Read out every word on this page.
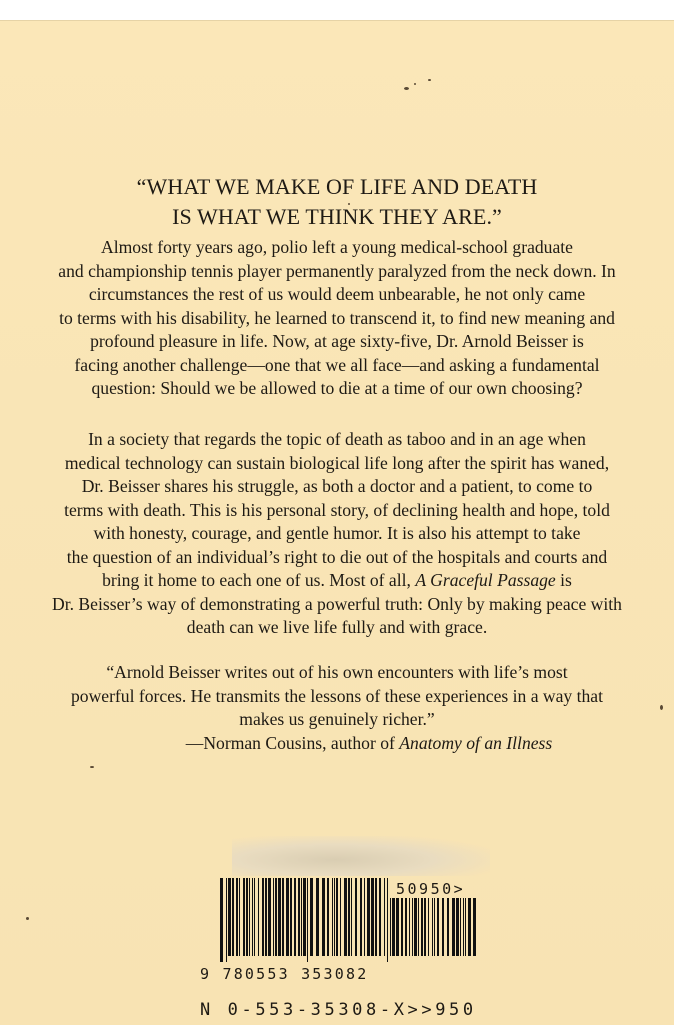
“WHAT WE MAKE OF LIFE AND DEATH
IS WHAT WE THINK THEY ARE.”
Almost forty years ago, polio left a young medical-school graduate
and championship tennis player permanently paralyzed from the neck down. In
circumstances the rest of us would deem unbearable, he not only came
to terms with his disability, he learned to transcend it, to find new meaning and
profound pleasure in life. Now, at age sixty-five, Dr. Arnold Beisser is
facing another challenge—one that we all face—and asking a fundamental
question: Should we be allowed to die at a time of our own choosing?
In a society that regards the topic of death as taboo and in an age when
medical technology can sustain biological life long after the spirit has waned,
Dr. Beisser shares his struggle, as both a doctor and a patient, to come to
terms with death. This is his personal story, of declining health and hope, told
with honesty, courage, and gentle humor. It is also his attempt to take
the question of an individual’s right to die out of the hospitals and courts and
bring it home to each one of us. Most of all, A Graceful Passage is
Dr. Beisser’s way of demonstrating a powerful truth: Only by making peace with
death can we live life fully and with grace.
“Arnold Beisser writes out of his own encounters with life’s most
powerful forces. He transmits the lessons of these experiences in a way that
makes us genuinely richer.”
—Norman Cousins, author of Anatomy of an Illness
9 780553 353082
50950>
N 0-553-35308-X>>950
